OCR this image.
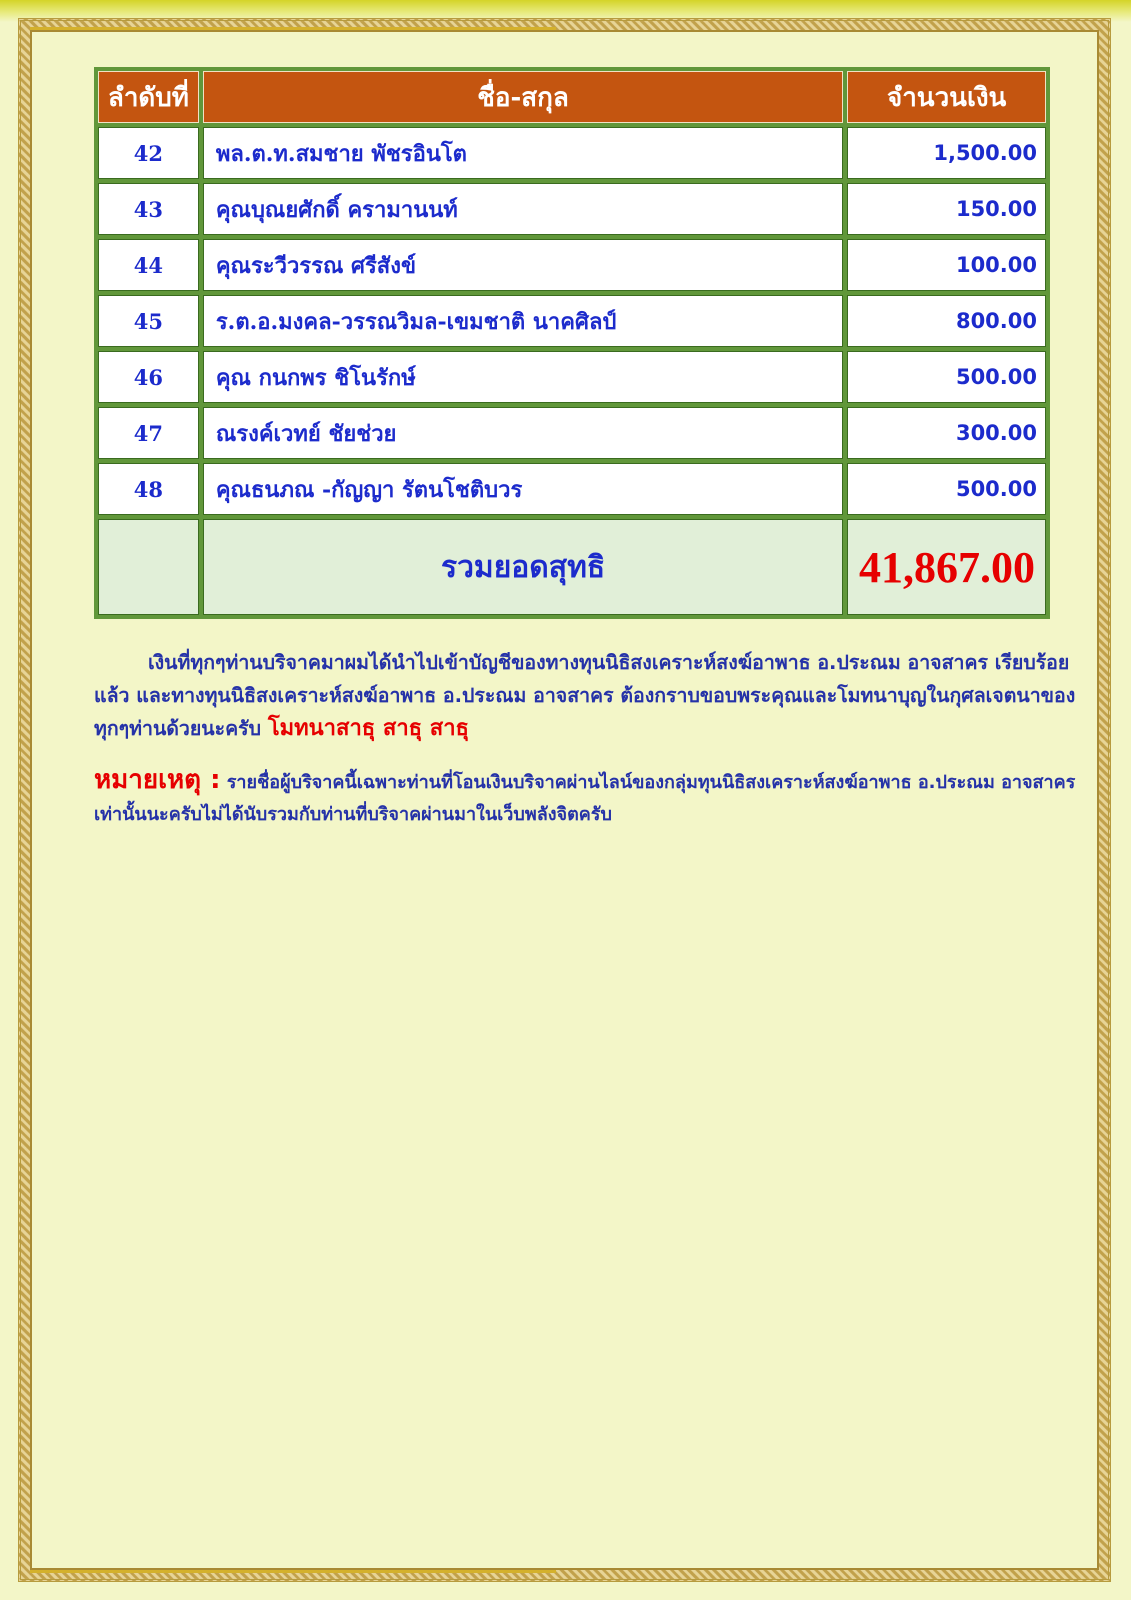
ลำดับที่	ชื่อ-สกุล	จำนวนเงิน
42	พล.ต.ท.สมชาย พัชรอินโต	1,500.00
43	คุณบุณยศักดิ์ ครามานนท์	150.00
44	คุณระวีวรรณ ศรีสังข์	100.00
45	ร.ต.อ.มงคล-วรรณวิมล-เขมชาติ นาคศิลป์	800.00
46	คุณ กนกพร ชิโนรักษ์	500.00
47	ณรงค์เวทย์ ชัยช่วย	300.00
48	คุณธนภณ -กัญญา รัตนโชติบวร	500.00
	รวมยอดสุทธิ	41,867.00

เงินที่ทุกๆท่านบริจาคมาผมได้นำไปเข้าบัญชีของทางทุนนิธิสงเคราะห์สงฆ์อาพาธ อ.ประณม อาจสาคร เรียบร้อยแล้ว และทางทุนนิธิสงเคราะห์สงฆ์อาพาธ อ.ประณม อาจสาคร ต้องกราบขอบพระคุณและโมทนาบุญในกุศลเจตนาของทุกๆท่านด้วยนะครับ โมทนาสาธุ สาธุ สาธุ

หมายเหตุ : รายชื่อผู้บริจาคนี้เฉพาะท่านที่โอนเงินบริจาคผ่านไลน์ของกลุ่มทุนนิธิสงเคราะห์สงฆ์อาพาธ อ.ประณม อาจสาคร เท่านั้นนะครับไม่ได้นับรวมกับท่านที่บริจาคผ่านมาในเว็บพลังจิตครับ
